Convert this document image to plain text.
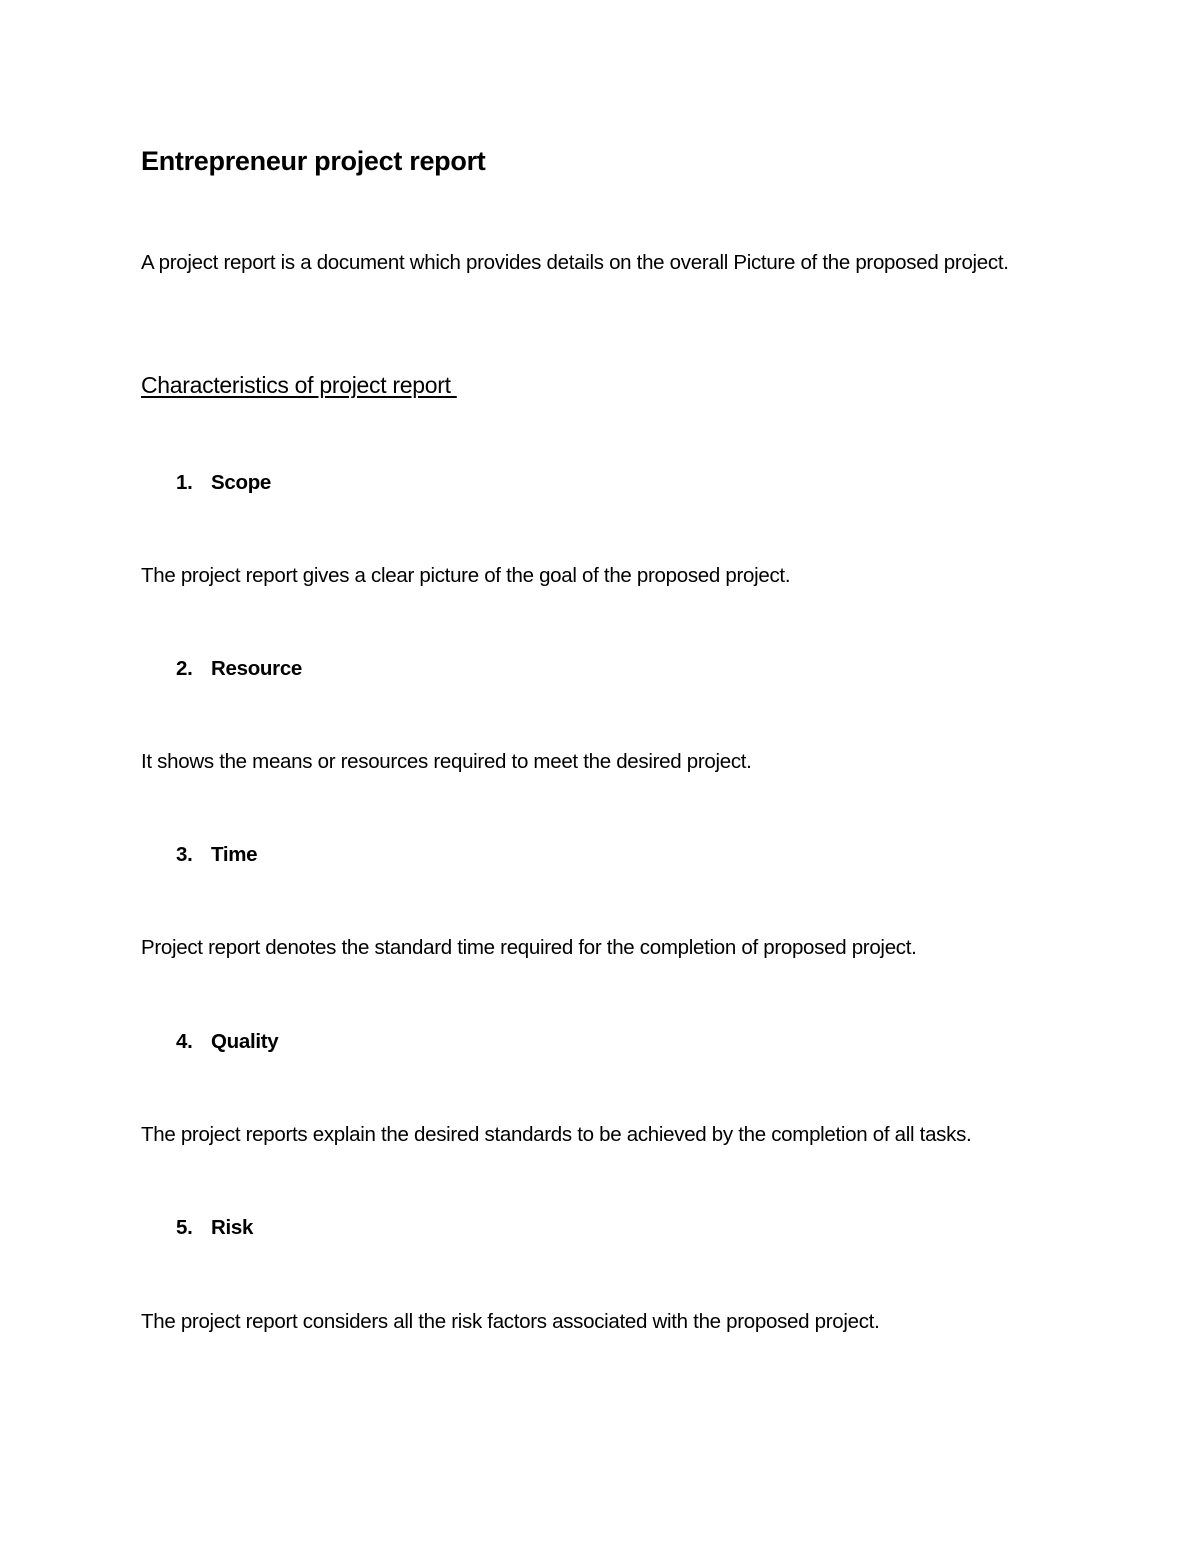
Entrepreneur project report
A project report is a document which provides details on the overall Picture of the proposed project.
Characteristics of project report
1. Scope
The project report gives a clear picture of the goal of the proposed project.
2. Resource
It shows the means or resources required to meet the desired project.
3. Time
Project report denotes the standard time required for the completion of proposed project.
4. Quality
The project reports explain the desired standards to be achieved by the completion of all tasks.
5. Risk
The project report considers all the risk factors associated with the proposed project.
